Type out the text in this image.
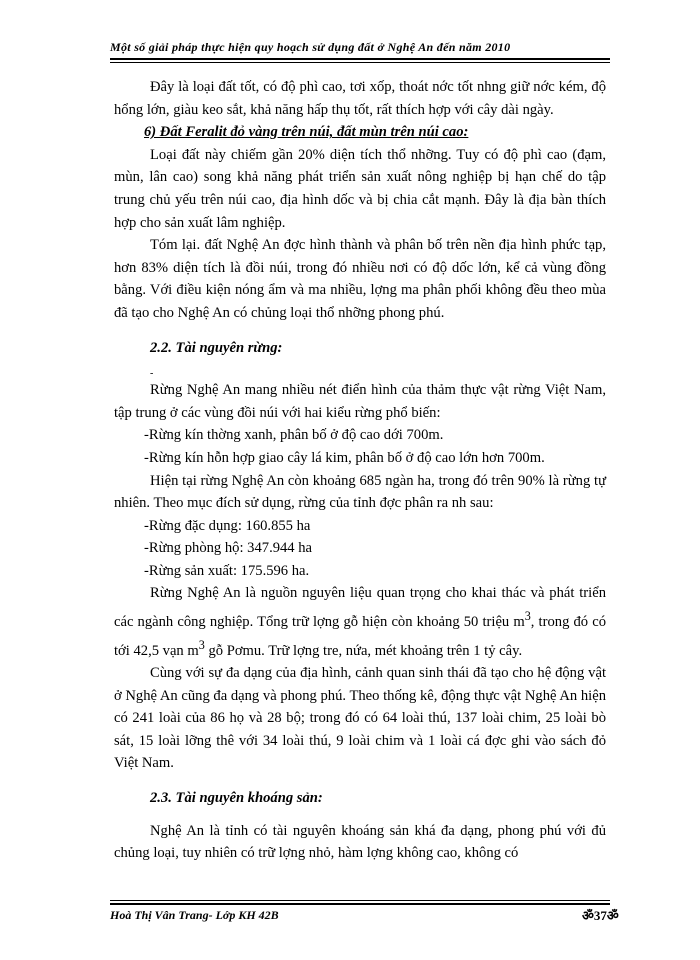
Một số giải pháp thực hiện quy hoạch sử dụng đất ở Nghệ An đến năm 2010

Đây là loại đất tốt, có độ phì cao, tơi xốp, thoát nớc tốt nhng giữ nớc kém, độ hổng lớn, giàu keo sắt, khả năng hấp thụ tốt, rất thích hợp với cây dài ngày.

6) Đất Feralit đỏ vàng trên núi, đất mùn trên núi cao:

Loại đất này chiếm gần 20% diện tích thổ nhỡng. Tuy có độ phì cao (đạm, mùn, lân cao) song khả năng phát triển sản xuất nông nghiệp bị hạn chế do tập trung chủ yếu trên núi cao, địa hình dốc và bị chia cắt mạnh. Đây là địa bàn thích hợp cho sản xuất lâm nghiệp.

Tóm lại. đất Nghệ An đợc hình thành và phân bố trên nền địa hình phức tạp, hơn 83% diện tích là đồi núi, trong đó nhiều nơi có độ dốc lớn, kể cả vùng đồng bằng. Với điều kiện nóng ẩm và ma nhiều, lợng ma phân phối không đều theo mùa đã tạo cho Nghệ An có chủng loại thổ nhỡng phong phú.

2.2. Tài nguyên rừng:

-

Rừng Nghệ An mang nhiều nét điển hình của thảm thực vật rừng Việt Nam, tập trung ở các vùng đồi núi với hai kiểu rừng phổ biến:

-Rừng kín thờng xanh, phân bố ở độ cao dới 700m.

-Rừng kín hỗn hợp giao cây lá kim, phân bố ở độ cao lớn hơn 700m.

Hiện tại rừng Nghệ An còn khoảng 685 ngàn ha, trong đó trên 90% là rừng tự nhiên. Theo mục đích sử dụng, rừng của tỉnh đợc phân ra nh sau:

-Rừng đặc dụng: 160.855 ha

-Rừng phòng hộ: 347.944 ha

-Rừng sản xuất: 175.596 ha.

Rừng Nghệ An là nguồn nguyên liệu quan trọng cho khai thác và phát triển các ngành công nghiệp. Tổng trữ lợng gỗ hiện còn khoảng 50 triệu $m^3$, trong đó có tới 42,5 vạn $m^3$ gỗ Pơmu. Trữ lợng tre, nứa, mét khoảng trên 1 tỷ cây.

Cùng với sự đa dạng của địa hình, cảnh quan sinh thái đã tạo cho hệ động vật ở Nghệ An cũng đa dạng và phong phú. Theo thống kê, động thực vật Nghệ An hiện có 241 loài của 86 họ và 28 bộ; trong đó có 64 loài thú, 137 loài chim, 25 loài bò sát, 15 loài lỡng thê với 34 loài thú, 9 loài chim và 1 loài cá đợc ghi vào sách đỏ Việt Nam.

2.3. Tài nguyên khoáng sản:

Nghệ An là tỉnh có tài nguyên khoáng sản khá đa dạng, phong phú với đủ chủng loại, tuy nhiên có trữ lợng nhỏ, hàm lợng không cao, không có

Hoà Thị Vân Trang- Lớp KH 42B	ॐ37ॐ
